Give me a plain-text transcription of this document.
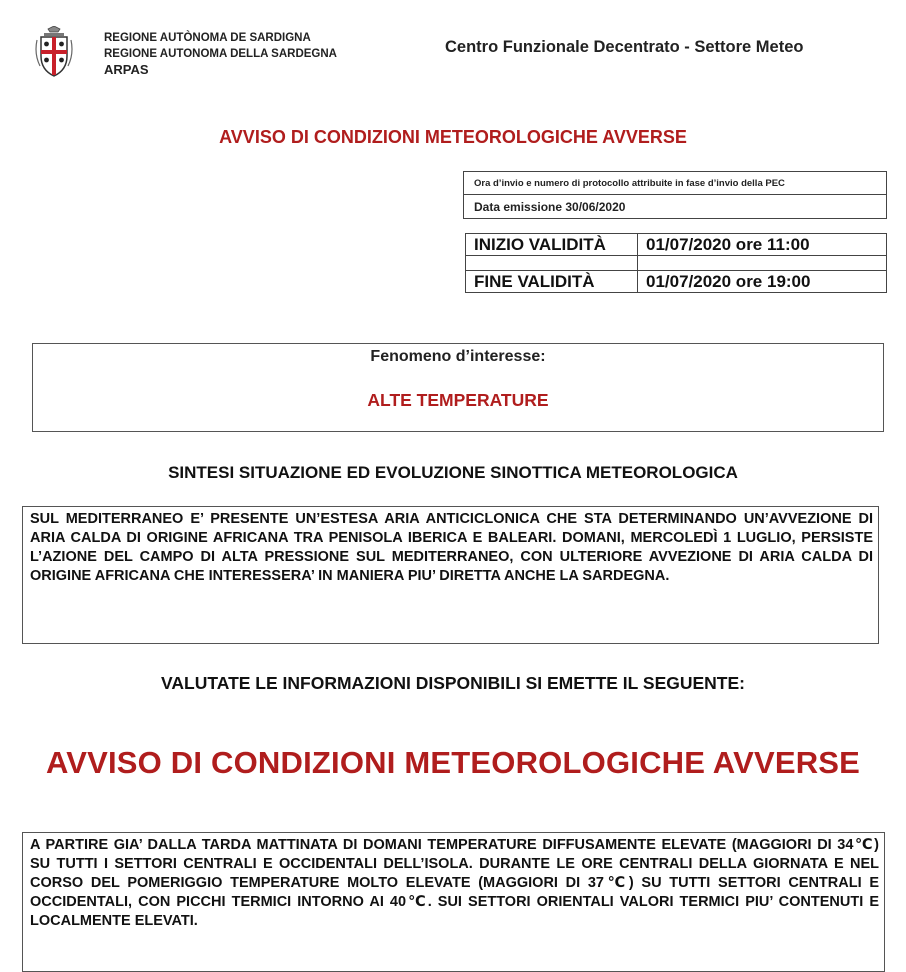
REGIONE AUTÒNOMA DE SARDIGNA
REGIONE AUTONOMA DELLA SARDEGNA
ARPAS
Centro Funzionale Decentrato - Settore Meteo
AVVISO DI CONDIZIONI METEOROLOGICHE AVVERSE
Ora d’invio e numero di protocollo attribuite in fase d’invio della PEC
Data emissione 30/06/2020
INIZIO VALIDITÀ	01/07/2020 ore 11:00

FINE VALIDITÀ	01/07/2020 ore 19:00
Fenomeno d’interesse:
ALTE TEMPERATURE
SINTESI SITUAZIONE ED EVOLUZIONE SINOTTICA METEOROLOGICA
SUL MEDITERRANEO E’ PRESENTE UN’ESTESA ARIA ANTICICLONICA CHE STA DETERMINANDO UN’AVVEZIONE DI ARIA CALDA DI ORIGINE AFRICANA TRA PENISOLA IBERICA E BALEARI. DOMANI, MERCOLEDÌ 1 LUGLIO, PERSISTE L’AZIONE DEL CAMPO DI ALTA PRESSIONE SUL MEDITERRANEO, CON ULTERIORE AVVEZIONE DI ARIA CALDA DI ORIGINE AFRICANA CHE INTERESSERA’ IN MANIERA PIU’ DIRETTA ANCHE LA SARDEGNA.
VALUTATE LE INFORMAZIONI DISPONIBILI SI EMETTE IL SEGUENTE:
AVVISO DI CONDIZIONI METEOROLOGICHE AVVERSE
A PARTIRE GIA’ DALLA TARDA MATTINATA DI DOMANI TEMPERATURE DIFFUSAMENTE ELEVATE (MAGGIORI DI 34℃) SU TUTTI I SETTORI CENTRALI E OCCIDENTALI DELL’ISOLA. DURANTE LE ORE CENTRALI DELLA GIORNATA E NEL CORSO DEL POMERIGGIO TEMPERATURE MOLTO ELEVATE (MAGGIORI DI 37℃) SU TUTTI SETTORI CENTRALI E OCCIDENTALI, CON PICCHI TERMICI INTORNO AI 40℃. SUI SETTORI ORIENTALI VALORI TERMICI PIU’ CONTENUTI E LOCALMENTE ELEVATI.
